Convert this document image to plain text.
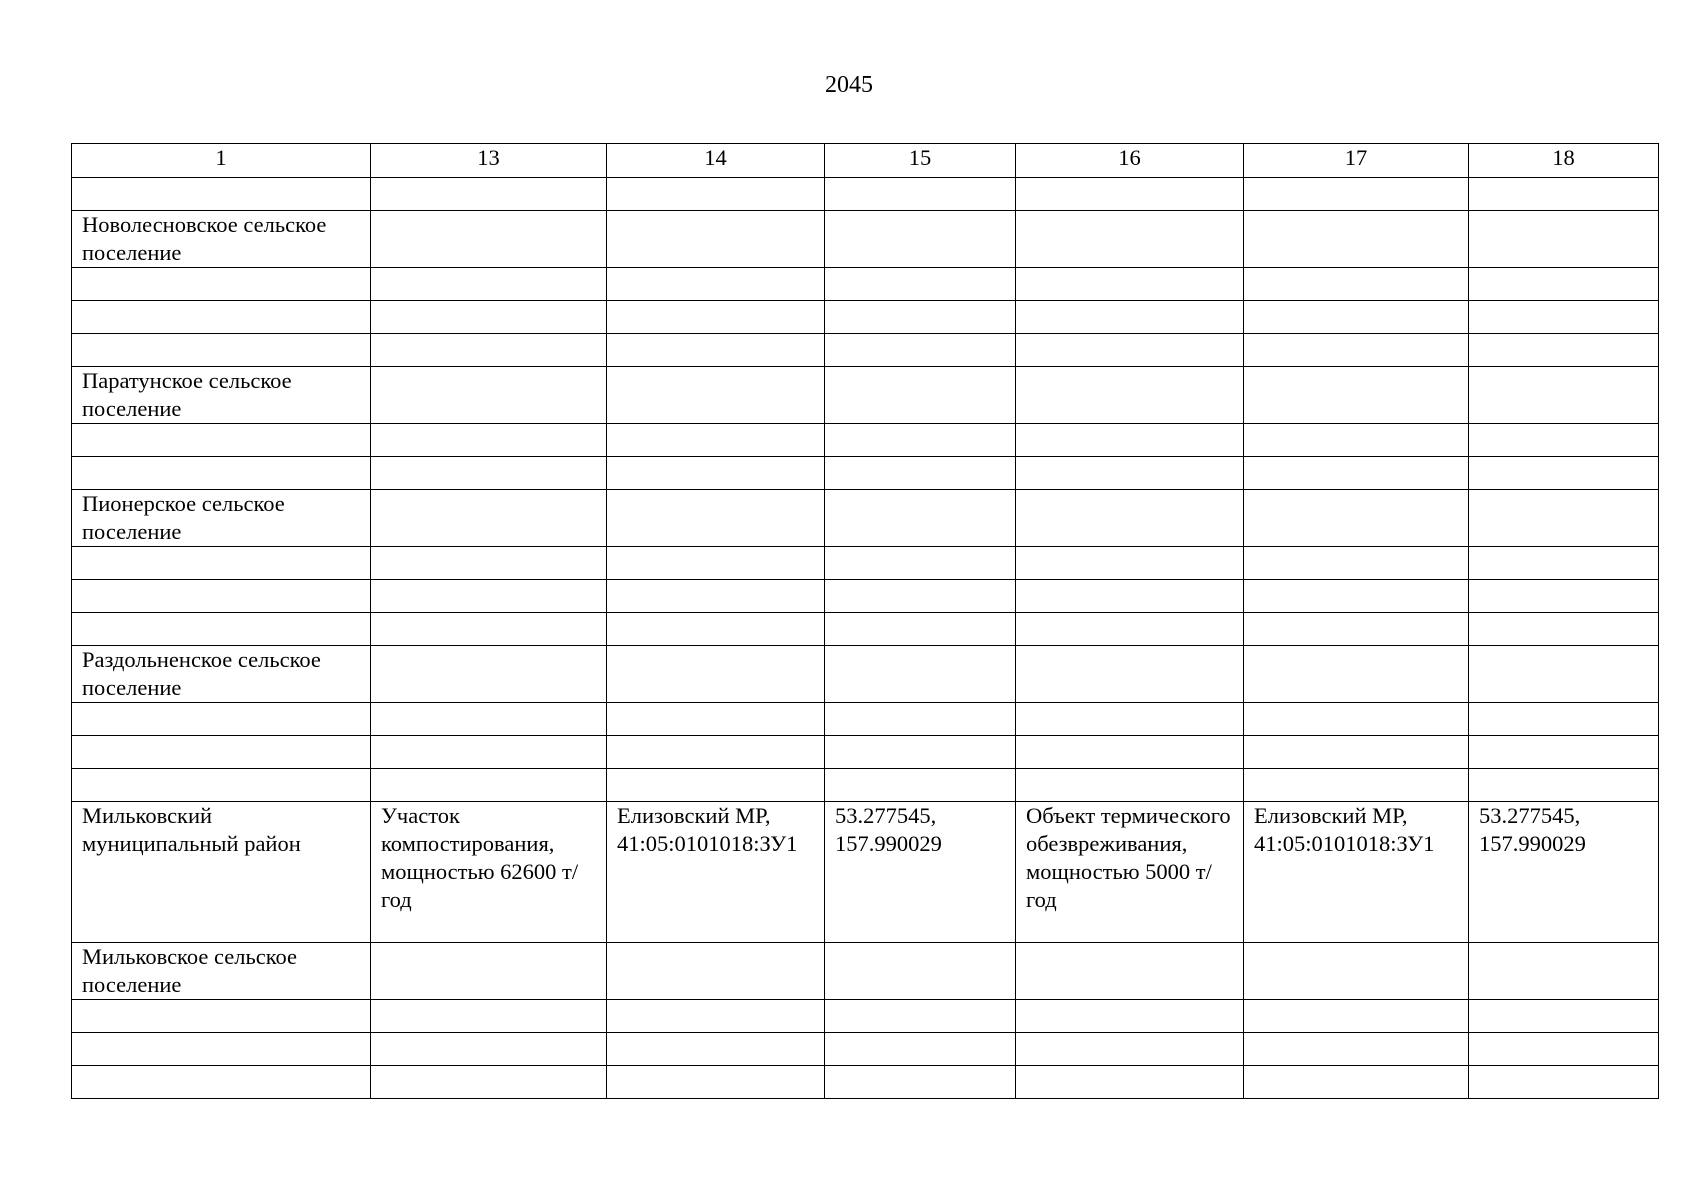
2045
1	13	14	15	16	17	18

Новолесновское сельское поселение						

Паратунское сельское поселение						

Пионерское сельское поселение						

Раздольненское сельское поселение						

Мильковский муниципальный район	Участок компостирования, мощностью 62600 т/год	Елизовский МР, 41:05:0101018:ЗУ1	53.277545, 157.990029	Объект термического обезвреживания, мощностью 5000 т/год	Елизовский МР, 41:05:0101018:ЗУ1	53.277545, 157.990029
Мильковское сельское поселение						
